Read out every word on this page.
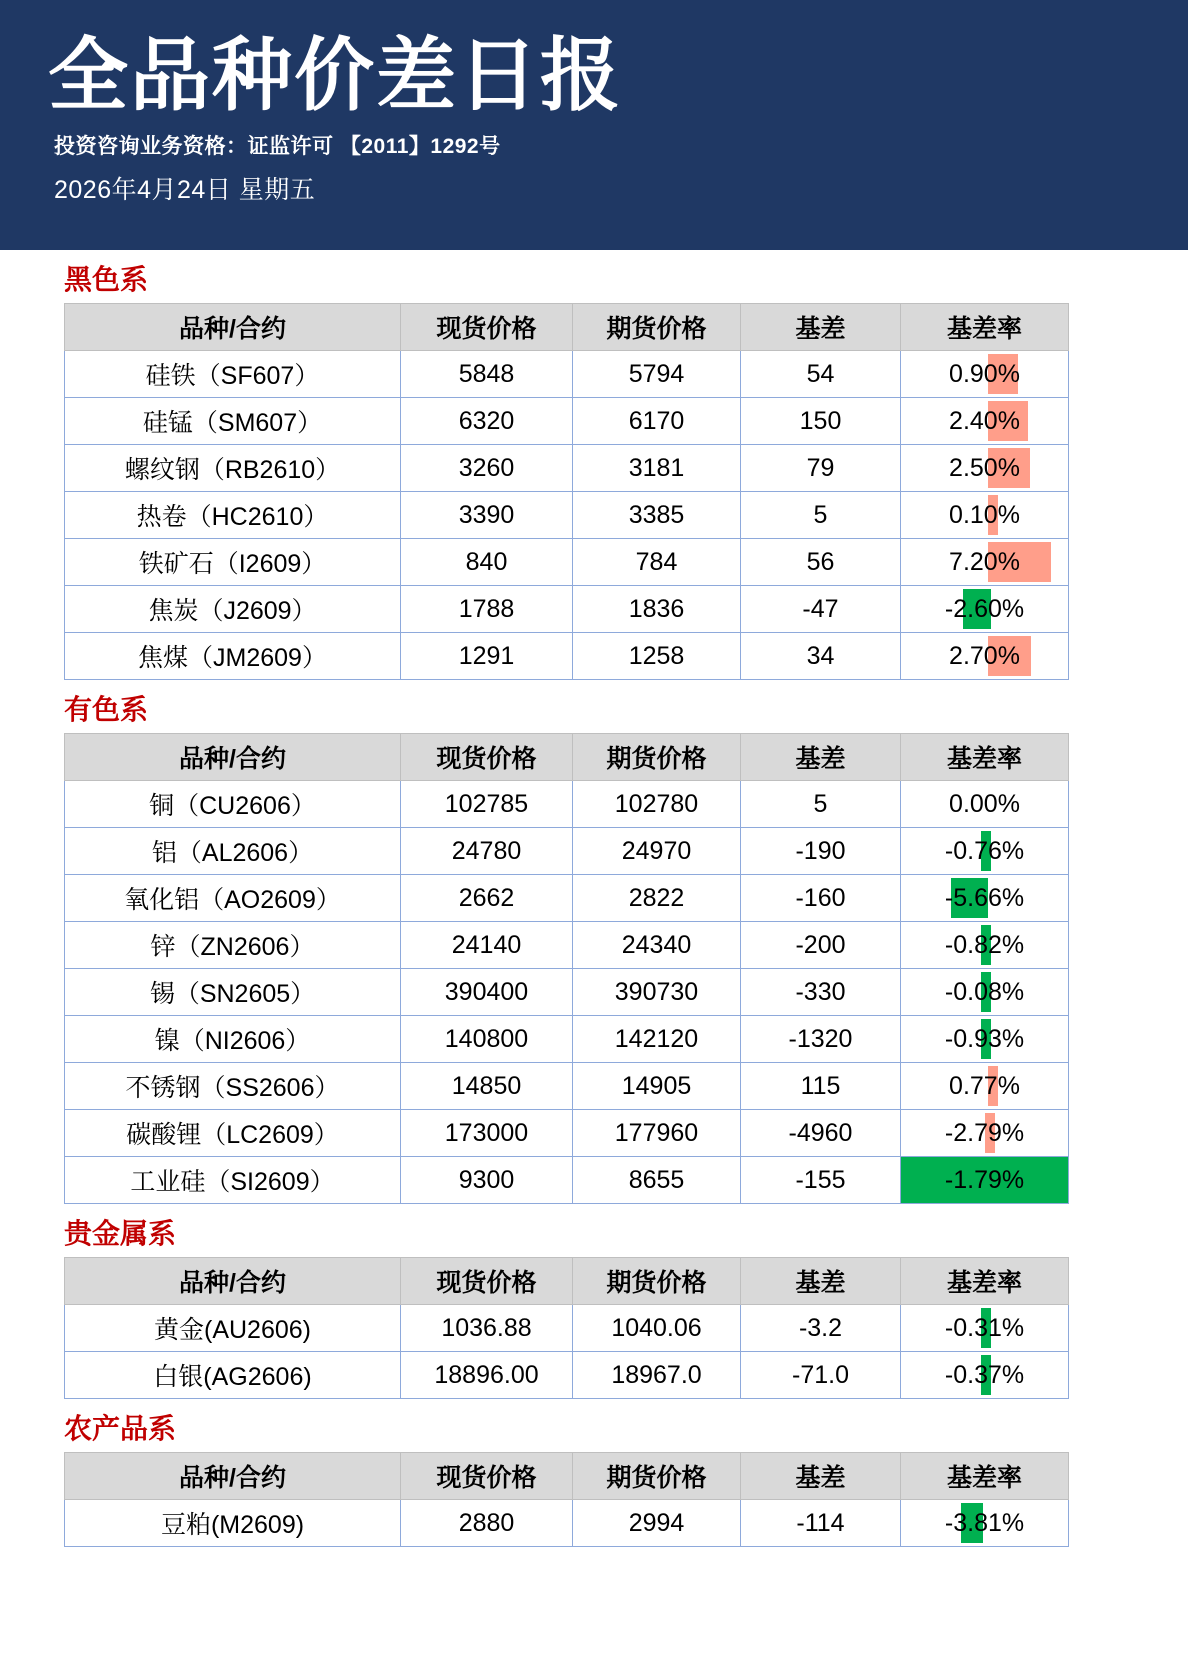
全品种价差日报
投资咨询业务资格：证监许可 【2011】1292号
2026年4月24日 星期五
黑色系
品种/合约	现货价格	期货价格	基差	基差率
硅铁（SF607）	5848	5794	54	0.90%
硅锰（SM607）	6320	6170	150	2.40%
螺纹钢（RB2610）	3260	3181	79	2.50%
热卷（HC2610）	3390	3385	5	0.10%
铁矿石（I2609）	840	784	56	7.20%
焦炭（J2609）	1788	1836	-47	-2.60%
焦煤（JM2609）	1291	1258	34	2.70%
有色系
品种/合约	现货价格	期货价格	基差	基差率
铜（CU2606）	102785	102780	5	0.00%
铝（AL2606）	24780	24970	-190	-0.76%
氧化铝（AO2609）	2662	2822	-160	-5.66%
锌（ZN2606）	24140	24340	-200	-0.82%
锡（SN2605）	390400	390730	-330	-0.08%
镍（NI2606）	140800	142120	-1320	-0.93%
不锈钢（SS2606）	14850	14905	115	0.77%
碳酸锂（LC2609）	173000	177960	-4960	-2.79%
工业硅（SI2609）	9300	8655	-155	-1.79%
贵金属系
品种/合约	现货价格	期货价格	基差	基差率
黄金(AU2606)	1036.88	1040.06	-3.2	-0.31%
白银(AG2606)	18896.00	18967.0	-71.0	-0.37%
农产品系
品种/合约	现货价格	期货价格	基差	基差率
豆粕(M2609)	2880	2994	-114	-3.81%
